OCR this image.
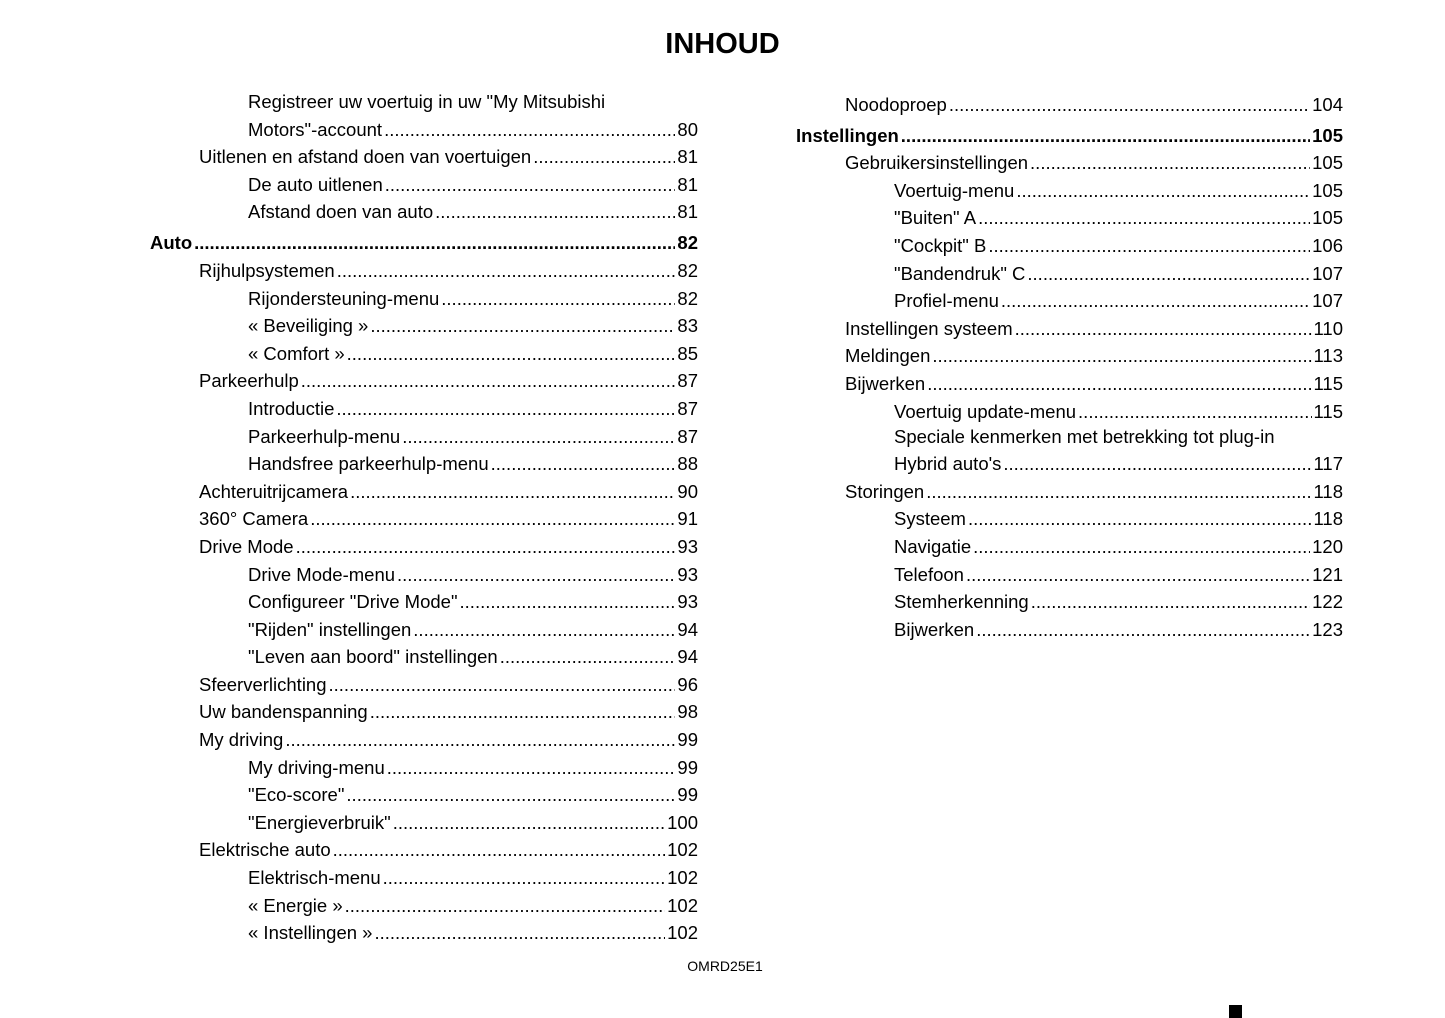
INHOUD
Registreer uw voertuig in uw "My Mitsubishi
Motors"-account .....	80
Uitlenen en afstand doen van voertuigen .....	81
De auto uitlenen .....	81
Afstand doen van auto .....	81
Auto .....	82
Rijhulpsystemen .....	82
Rijondersteuning-menu .....	82
« Beveiliging » .....	83
« Comfort » .....	85
Parkeerhulp .....	87
Introductie .....	87
Parkeerhulp-menu .....	87
Handsfree parkeerhulp-menu .....	88
Achteruitrijcamera .....	90
360° Camera .....	91
Drive Mode .....	93
Drive Mode-menu .....	93
Configureer "Drive Mode" .....	93
"Rijden" instellingen .....	94
"Leven aan boord" instellingen .....	94
Sfeerverlichting .....	96
Uw bandenspanning .....	98
My driving .....	99
My driving-menu .....	99
"Eco-score" .....	99
"Energieverbruik" .....	100
Elektrische auto .....	102
Elektrisch-menu .....	102
« Energie » .....	102
« Instellingen » .....	102
Noodoproep .....	104
Instellingen .....	105
Gebruikersinstellingen .....	105
Voertuig-menu .....	105
"Buiten" A .....	105
"Cockpit" B .....	106
"Bandendruk" C .....	107
Profiel-menu .....	107
Instellingen systeem .....	110
Meldingen .....	113
Bijwerken .....	115
Voertuig update-menu .....	115
Speciale kenmerken met betrekking tot plug-in
Hybrid auto's .....	117
Storingen .....	118
Systeem .....	118
Navigatie .....	120
Telefoon .....	121
Stemherkenning .....	122
Bijwerken .....	123
OMRD25E1
